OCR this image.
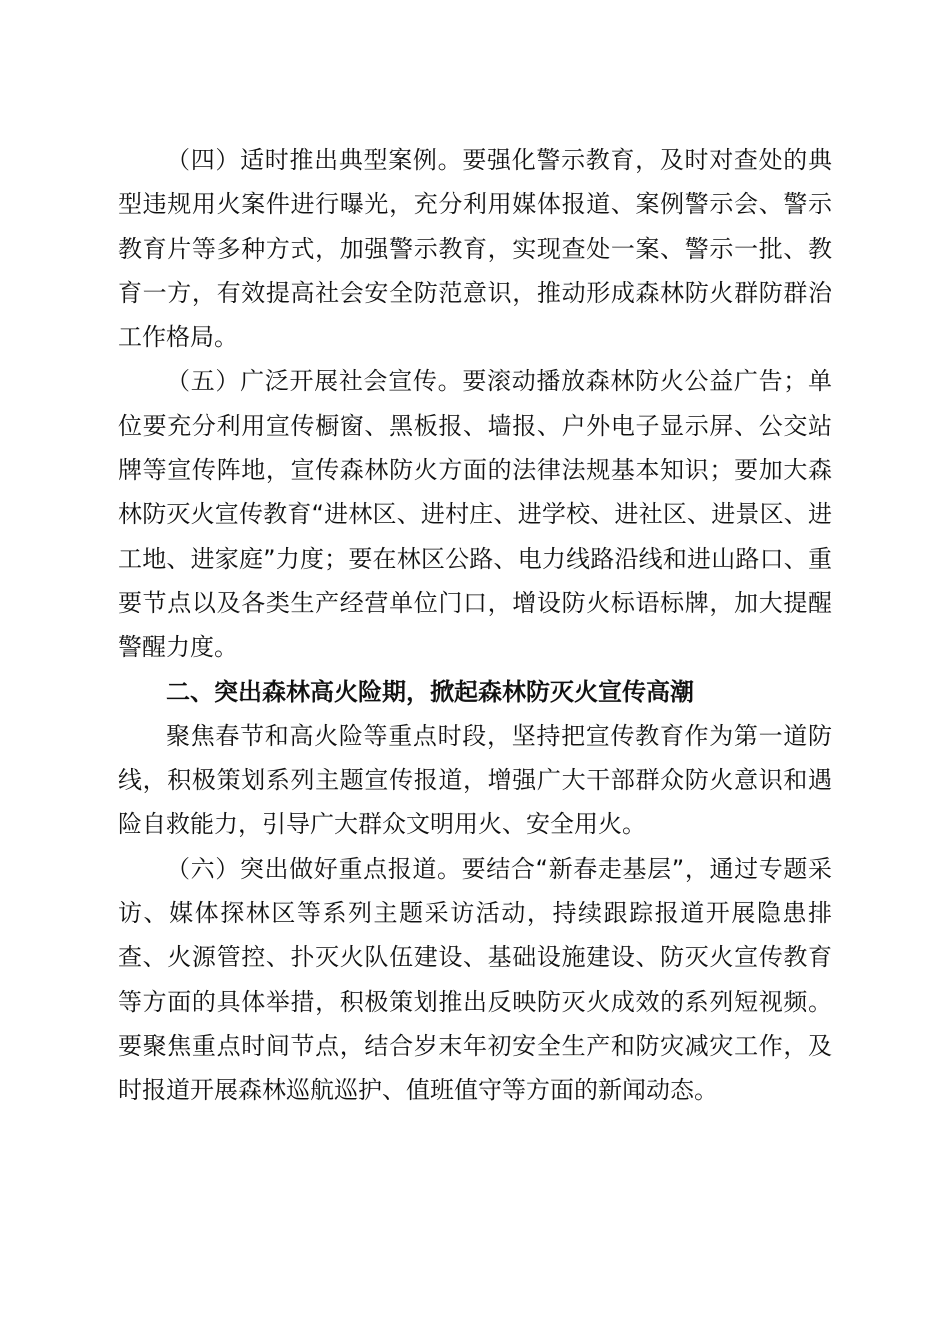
（四）适时推出典型案例。要强化警示教育，及时对查处的典型违规用火案件进行曝光，充分利用媒体报道、案例警示会、警示教育片等多种方式，加强警示教育，实现查处一案、警示一批、教育一方，有效提高社会安全防范意识，推动形成森林防火群防群治工作格局。

（五）广泛开展社会宣传。要滚动播放森林防火公益广告；单位要充分利用宣传橱窗、黑板报、墙报、户外电子显示屏、公交站牌等宣传阵地，宣传森林防火方面的法律法规基本知识；要加大森林防灭火宣传教育“进林区、进村庄、进学校、进社区、进景区、进工地、进家庭”力度；要在林区公路、电力线路沿线和进山路口、重要节点以及各类生产经营单位门口，增设防火标语标牌，加大提醒警醒力度。

二、突出森林高火险期，掀起森林防灭火宣传高潮

聚焦春节和高火险等重点时段，坚持把宣传教育作为第一道防线，积极策划系列主题宣传报道，增强广大干部群众防火意识和遇险自救能力，引导广大群众文明用火、安全用火。

（六）突出做好重点报道。要结合“新春走基层”，通过专题采访、媒体探林区等系列主题采访活动，持续跟踪报道开展隐患排查、火源管控、扑灭火队伍建设、基础设施建设、防灭火宣传教育等方面的具体举措，积极策划推出反映防灭火成效的系列短视频。要聚焦重点时间节点，结合岁末年初安全生产和防灾减灾工作，及时报道开展森林巡航巡护、值班值守等方面的新闻动态。
